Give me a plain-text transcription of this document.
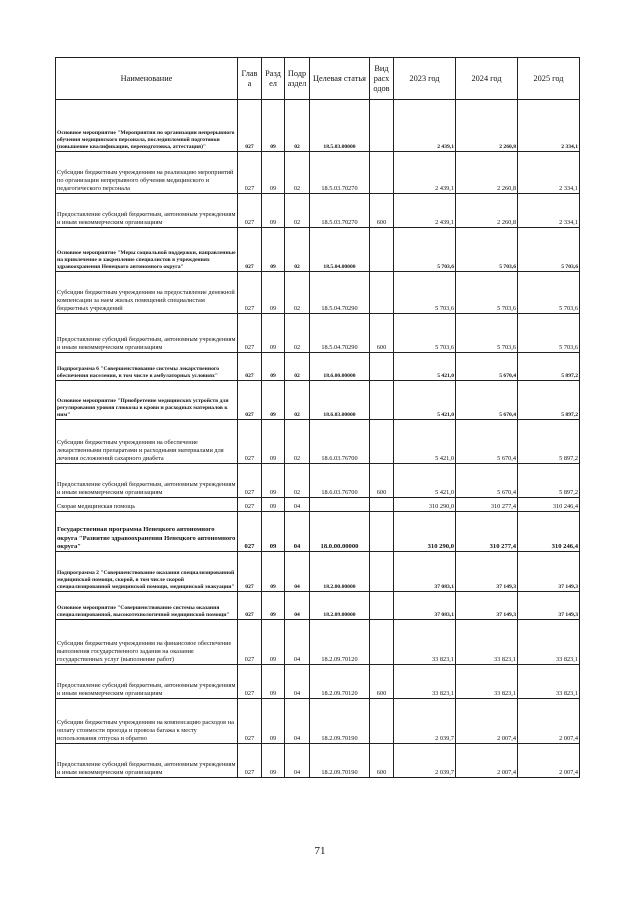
Наименование	Глав а	Разд ел	Подр аздел	Целевая статья	Вид расх одов	2023 год	2024 год	2025 год
Основное мероприятие "Мероприятия по организации непрерывного обучения медицинского персонала, последипломной подготовки (повышение квалификации, переподготовка, аттестация)"	027	09	02	18.5.03.00000		2 439,1	2 260,8	2 334,1
Субсидии бюджетным учреждениям на реализацию мероприятий по организации непрерывного обучения медицинского и педагогического персонала	027	09	02	18.5.03.70270		2 439,1	2 260,8	2 334,1
Предоставление субсидий бюджетным, автономным учреждениям и иным некоммерческим организациям	027	09	02	18.5.03.70270	600	2 439,1	2 260,8	2 334,1
Основное мероприятие "Меры социальной поддержки, направленные на привлечение и закрепление специалистов в учреждениях здравоохранения Ненецкого автономного округа"	027	09	02	18.5.04.00000		5 703,6	5 703,6	5 703,6
Субсидии бюджетным учреждениям на предоставление денежной компенсации за наем жилых помещений специалистам бюджетных учреждений	027	09	02	18.5.04.70290		5 703,6	5 703,6	5 703,6
Предоставление субсидий бюджетным, автономным учреждениям и иным некоммерческим организациям	027	09	02	18.5.04.70290	600	5 703,6	5 703,6	5 703,6
Подпрограмма 6 "Совершенствование системы лекарственного обеспечения населения, в том числе в амбулаторных условиях"	027	09	02	18.6.00.00000		5 421,0	5 670,4	5 897,2
Основное мероприятие "Приобретение медицинских устройств для регулирования уровня глюкозы в крови и расходных материалов к ним"	027	09	02	18.6.03.00000		5 421,0	5 670,4	5 897,2
Субсидии бюджетным учреждениям на обеспечение лекарственными препаратами и расходными материалами для лечения осложнений сахарного диабета	027	09	02	18.6.03.76700		5 421,0	5 670,4	5 897,2
Предоставление субсидий бюджетным, автономным учреждениям и иным некоммерческим организациям	027	09	02	18.6.03.76700	600	5 421,0	5 670,4	5 897,2
Скорая медицинская помощь	027	09	04			310 290,0	310 277,4	310 246,4
Государственная программа Ненецкого автономного округа "Развитие здравоохранения Ненецкого автономного округа"	027	09	04	18.0.00.00000		310 290,0	310 277,4	310 246,4
Подпрограмма 2 "Совершенствование оказания специализированной медицинской помощи, скорой, в том числе скорой специализированной медицинской помощи, медицинской эвакуации"	027	09	04	18.2.00.00000		37 083,1	37 149,3	37 149,3
Основное мероприятие "Совершенствование системы оказания специализированной, высокотехнологичной медицинской помощи"	027	09	04	18.2.09.00000		37 083,1	37 149,3	37 149,3
Субсидии бюджетным учреждениям на финансовое обеспечение выполнения государственного задания на оказание государственных услуг (выполнение работ)	027	09	04	18.2.09.70120		33 823,1	33 823,1	33 823,1
Предоставление субсидий бюджетным, автономным учреждениям и иным некоммерческим организациям	027	09	04	18.2.09.70120	600	33 823,1	33 823,1	33 823,1
Субсидии бюджетным учреждениям на компенсацию расходов на оплату стоимости проезда и провоза багажа к месту использования отпуска и обратно	027	09	04	18.2.09.70190		2 039,7	2 007,4	2 007,4
Предоставление субсидий бюджетным, автономным учреждениям и иным некоммерческим организациям	027	09	04	18.2.09.70190	600	2 039,7	2 007,4	2 007,4
71
